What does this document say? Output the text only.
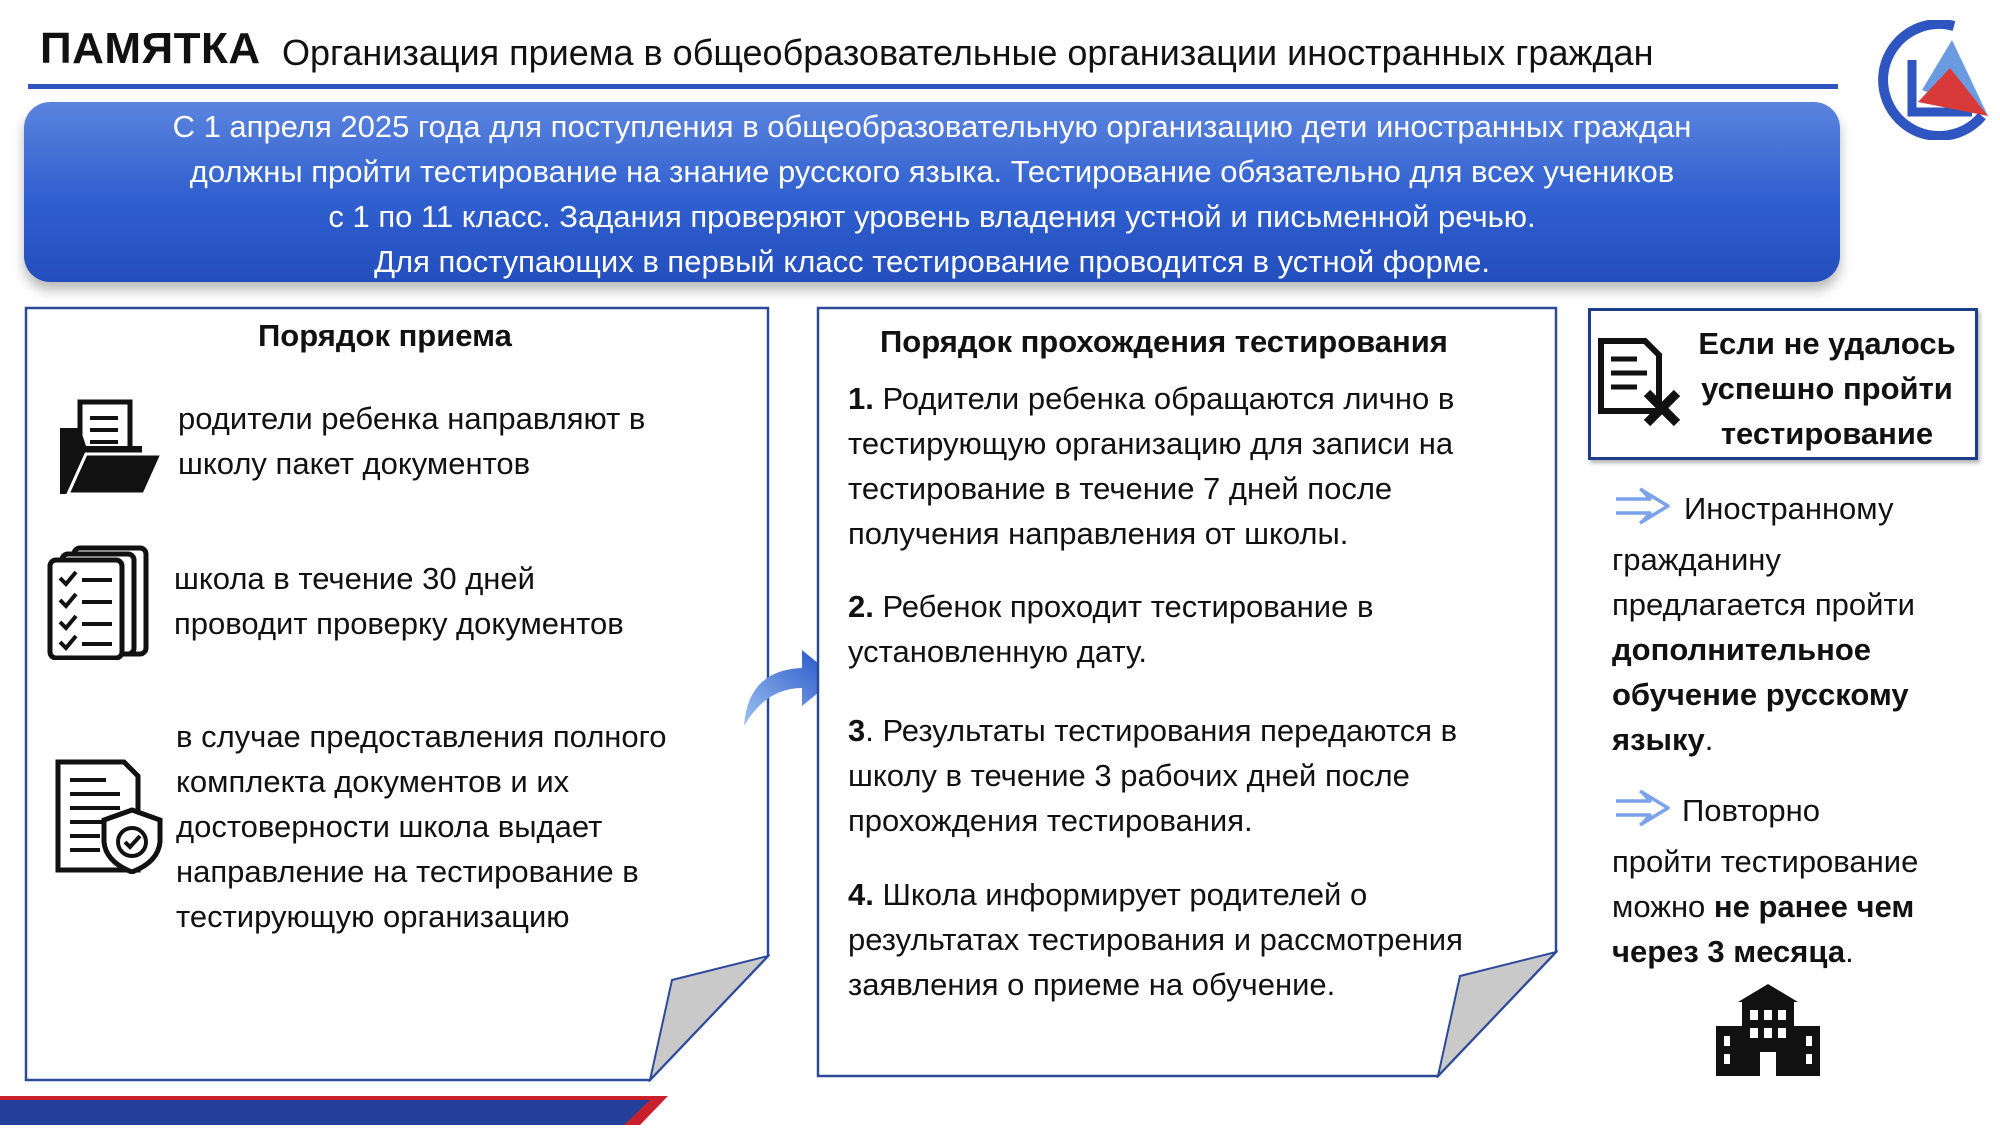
ПАМЯТКА Организация приема в общеобразовательные организации иностранных граждан
С 1 апреля 2025 года для поступления в общеобразовательную организацию дети иностранных граждан
должны пройти тестирование на знание русского языка. Тестирование обязательно для всех учеников
с 1 по 11 класс. Задания проверяют уровень владения устной и письменной речью.
Для поступающих в первый класс тестирование проводится в устной форме.
Порядок приема
родители ребенка направляют в
школу пакет документов
школа в течение 30 дней
проводит проверку документов
в случае предоставления полного
комплекта документов и их
достоверности школа выдает
направление на тестирование в
тестирующую организацию
Порядок прохождения тестирования
1. Родители ребенка обращаются лично в
тестирующую организацию для записи на
тестирование в течение 7 дней после
получения направления от школы.
2. Ребенок проходит тестирование в
установленную дату.
3. Результаты тестирования передаются в
школу в течение 3 рабочих дней после
прохождения тестирования.
4. Школа информирует родителей о
результатах тестирования и рассмотрения
заявления о приеме на обучение.
Если не удалось
успешно пройти
тестирование
Иностранному
гражданину
предлагается пройти
дополнительное
обучение русскому
языку.
Повторно
пройти тестирование
можно не ранее чем
через 3 месяца.
